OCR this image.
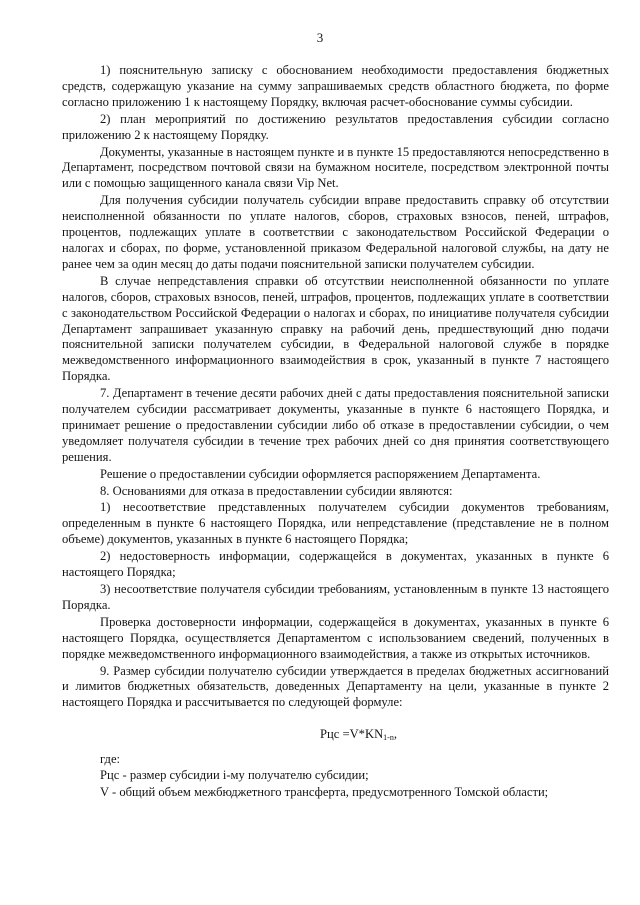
3

1) пояснительную записку с обоснованием необходимости предоставления бюджетных средств, содержащую указание на сумму запрашиваемых средств областного бюджета, по форме согласно приложению 1 к настоящему Порядку, включая расчет-обоснование суммы субсидии.

2) план мероприятий по достижению результатов предоставления субсидии согласно приложению 2 к настоящему Порядку.

Документы, указанные в настоящем пункте и в пункте 15 предоставляются непосредственно в Департамент, посредством почтовой связи на бумажном носителе, посредством электронной почты или с помощью защищенного канала связи Vip Net.

Для получения субсидии получатель субсидии вправе предоставить справку об отсутствии неисполненной обязанности по уплате налогов, сборов, страховых взносов, пеней, штрафов, процентов, подлежащих уплате в соответствии с законодательством Российской Федерации о налогах и сборах, по форме, установленной приказом Федеральной налоговой службы, на дату не ранее чем за один месяц до даты подачи пояснительной записки получателем субсидии.

В случае непредставления справки об отсутствии неисполненной обязанности по уплате налогов, сборов, страховых взносов, пеней, штрафов, процентов, подлежащих уплате в соответствии с законодательством Российской Федерации о налогах и сборах, по инициативе получателя субсидии Департамент запрашивает указанную справку на рабочий день, предшествующий дню подачи пояснительной записки получателем субсидии, в Федеральной налоговой службе в порядке межведомственного информационного взаимодействия в срок, указанный в пункте 7 настоящего Порядка.

7. Департамент в течение десяти рабочих дней с даты предоставления пояснительной записки получателем субсидии рассматривает документы, указанные в пункте 6 настоящего Порядка, и принимает решение о предоставлении субсидии либо об отказе в предоставлении субсидии, о чем уведомляет получателя субсидии в течение трех рабочих дней со дня принятия соответствующего решения.

Решение о предоставлении субсидии оформляется распоряжением Департамента.

8. Основаниями для отказа в предоставлении субсидии являются:

1) несоответствие представленных получателем субсидии документов требованиям, определенным в пункте 6 настоящего Порядка, или непредставление (представление не в полном объеме) документов, указанных в пункте 6 настоящего Порядка;

2) недостоверность информации, содержащейся в документах, указанных в пункте 6 настоящего Порядка;

3) несоответствие получателя субсидии требованиям, установленным в пункте 13 настоящего Порядка.

Проверка достоверности информации, содержащейся в документах, указанных в пункте 6 настоящего Порядка, осуществляется Департаментом с использованием сведений, полученных в порядке межведомственного информационного взаимодействия, а также из открытых источников.

9. Размер субсидии получателю субсидии утверждается в пределах бюджетных ассигнований и лимитов бюджетных обязательств, доведенных Департаменту на цели, указанные в пункте 2 настоящего Порядка и рассчитывается по следующей формуле:

Рцс $=V*KN_{1-n}$,

где:

Рцс - размер субсидии i-му получателю субсидии;

V - общий объем межбюджетного трансферта, предусмотренного Томской области;
